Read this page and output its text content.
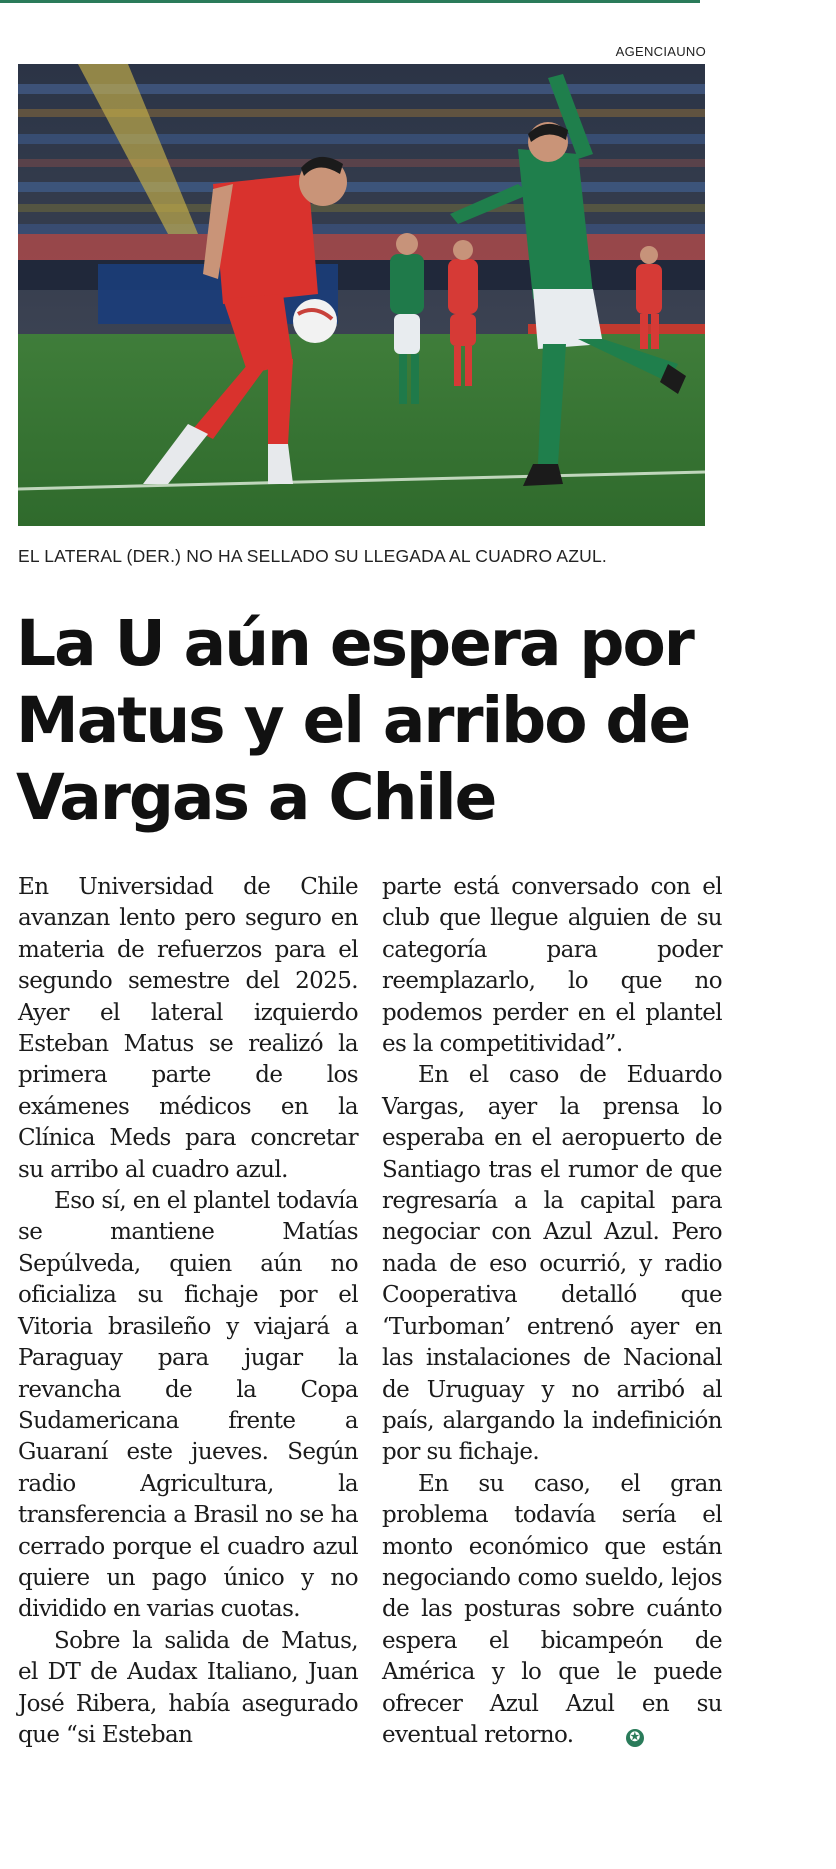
AGENCIAUNO
EL LATERAL (DER.) NO HA SELLADO SU LLEGADA AL CUADRO AZUL.
La U aún espera por Matus y el arribo de Vargas a Chile

En Universidad de Chile avanzan lento pero seguro en materia de refuerzos para el segundo semestre del 2025. Ayer el lateral izquierdo Esteban Matus se realizó la primera parte de los exámenes médicos en la Clínica Meds para concretar su arribo al cuadro azul.

Eso sí, en el plantel todavía se mantiene Matías Sepúlveda, quien aún no oficializa su fichaje por el Vitoria brasileño y viajará a Paraguay para jugar la revancha de la Copa Sudamericana frente a Guaraní este jueves. Según radio Agricultura, la transferencia a Brasil no se ha cerrado porque el cuadro azul quiere un pago único y no dividido en varias cuotas.

Sobre la salida de Matus, el DT de Audax Italiano, Juan José Ribera, había asegurado que “si Esteban

parte está conversado con el club que llegue alguien de su categoría para poder reemplazarlo, lo que no podemos perder en el plantel es la competitividad”.

En el caso de Eduardo Vargas, ayer la prensa lo esperaba en el aeropuerto de Santiago tras el rumor de que regresaría a la capital para negociar con Azul Azul. Pero nada de eso ocurrió, y radio Cooperativa detalló que ‘Turboman’ entrenó ayer en las instalaciones de Nacional de Uruguay y no arribó al país, alargando la indefinición por su fichaje.

En su caso, el gran problema todavía sería el monto económico que están negociando como sueldo, lejos de las posturas sobre cuánto espera el bicampeón de América y lo que le puede ofrecer Azul Azul en su eventual retorno.	✪
